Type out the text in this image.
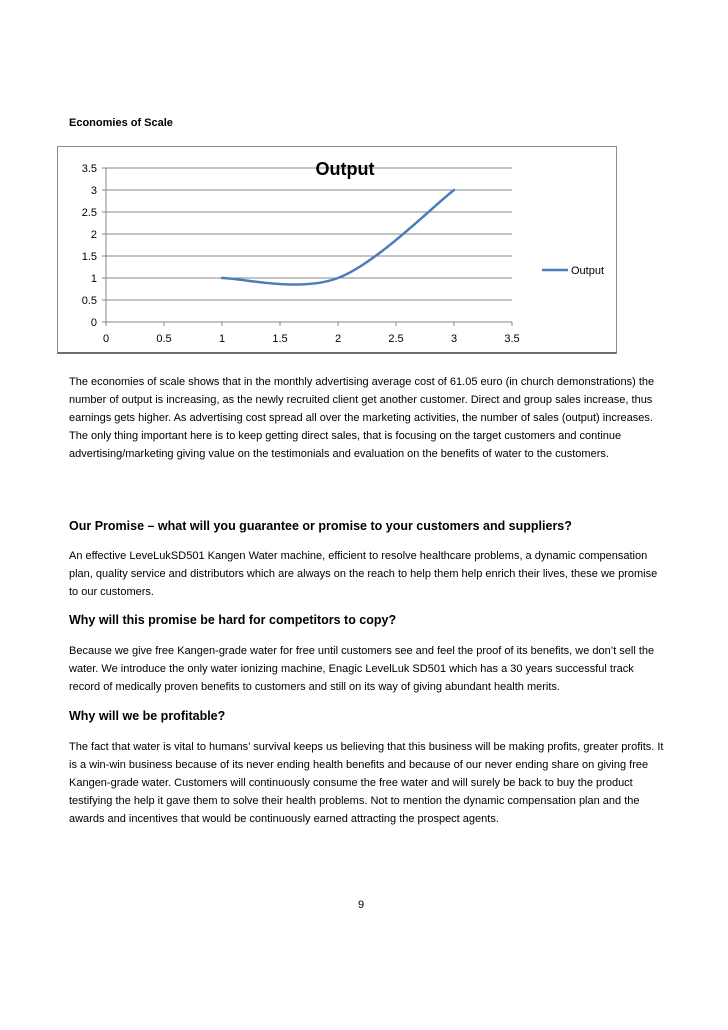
Economies of Scale
0
0.5
1
1.5
2
2.5
3
3.5
0	0.5	1	1.5	2	2.5	3	3.5
Output
Output

The economies of scale shows that in the monthly advertising average cost of 61.05 euro (in church demonstrations) the number of output is increasing, as the newly recruited client get another customer. Direct and group sales increase, thus earnings gets higher. As advertising cost spread all over the marketing activities, the number of sales (output) increases. The only thing important here is to keep getting direct sales, that is focusing on the target customers and continue advertising/marketing giving value on the testimonials and evaluation on the benefits of water to the customers.

Our Promise – what will you guarantee or promise to your customers and suppliers?

An effective LeveLukSD501 Kangen Water machine, efficient to resolve healthcare problems, a dynamic compensation plan, quality service and distributors which are always on the reach to help them help enrich their lives, these we promise to our customers.

Why will this promise be hard for competitors to copy?

Because we give free Kangen-grade water for free until customers see and feel the proof of its benefits, we don’t sell the water. We introduce the only water ionizing machine, Enagic LevelLuk SD501 which has a 30 years successful track record of medically proven benefits to customers and still on its way of giving abundant health merits.

Why will we be profitable?

The fact that water is vital to humans’ survival keeps us believing that this business will be making profits, greater profits. It is a win-win business because of its never ending health benefits and because of our never ending share on giving free Kangen-grade water. Customers will continuously consume the free water and will surely be back to buy the product testifying the help it gave them to solve their health problems. Not to mention the dynamic compensation plan and the awards and incentives that would be continuously earned attracting the prospect agents.

9
